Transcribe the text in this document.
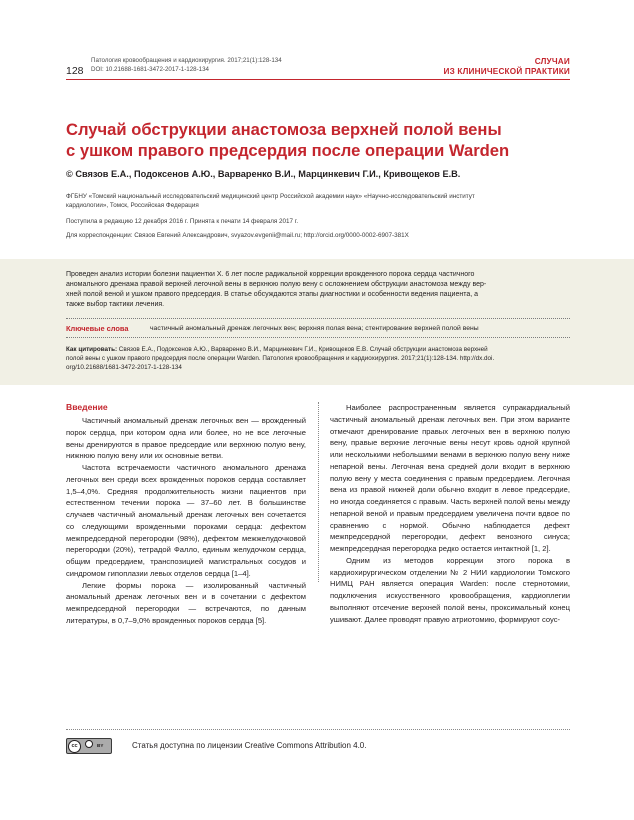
128
Патология кровообращения и кардиохирургия. 2017;21(1):128-134
DOI: 10.21688-1681-3472-2017-1-128-134
СЛУЧАИ
ИЗ КЛИНИЧЕСКОЙ ПРАКТИКИ
Случай обструкции анастомоза верхней полой вены
с ушком правого предсердия после операции Warden
© Связов Е.А., Подоксенов А.Ю., Варваренко В.И., Марцинкевич Г.И., Кривощеков Е.В.
ФГБНУ «Томский национальный исследовательский медицинский центр Российской академии наук» «Научно-исследовательский институт
кардиологии», Томск, Российская Федерация
Поступила в редакцию 12 декабря 2016 г. Принята к печати 14 февраля 2017 г.
Для корреспонденции: Связов Евгений Александрович, svyazov.evgenii@mail.ru; http://orcid.org/0000-0002-6907-381X
Проведен анализ истории болезни пациентки Х. 6 лет после радикальной коррекции врожденного порока сердца частичного
аномального дренажа правой верхней легочной вены в верхнюю полую вену с осложнением обструкции анастомоза между вер-
хней полой веной и ушком правого предсердия. В статье обсуждаются этапы диагностики и особенности ведения пациента, а
также выбор тактики лечения.
Ключевые слова	частичный аномальный дренаж легочных вен; верхняя полая вена; стентирование верхней полой вены
Как цитировать: Связов Е.А., Подоксенов А.Ю., Варваренко В.И., Марцинкевич Г.И., Кривощеков Е.В. Случай обструкции анастомоза верхней
полой вены с ушком правого предсердия после операции Warden. Патология кровообращения и кардиохирургия. 2017;21(1):128-134. http://dx.doi.
org/10.21688/1681-3472-2017-1-128-134
Введение

Частичный аномальный дренаж легочных вен — врожденный порок сердца, при котором одна или более, но не все легочные вены дренируются в правое предсердие или верхнюю полую вену, нижнюю полую вену или их основные ветви.

Частота встречаемости частичного аномального дренажа легочных вен среди всех врожденных пороков сердца составляет 1,5–4,0%. Средняя продолжительность жизни пациентов при естественном течении порока — 37–60 лет. В большинстве случаев частичный аномальный дренаж легочных вен сочетается со следующими врожденными пороками сердца: дефектом межпредсердной перегородки (98%), дефектом межжелудочковой перегородки (20%), тетрадой Фалло, единым желудочком сердца, общим предсердием, транспозицией магистральных сосудов и синдромом гипоплазии левых отделов сердца [1–4].

Легкие формы порока — изолированный частичный аномальный дренаж легочных вен и в сочетании с дефектом межпредсердной перегородки — встречаются, по данным литературы, в 0,7–9,0% врожденных пороков сердца [5].

Наиболее распространенным является супракардиальный частичный аномальный дренаж легочных вен. При этом варианте отмечают дренирование правых легочных вен в верхнюю полую вену, правые верхние легочные вены несут кровь одной крупной или несколькими небольшими венами в верхнюю полую вену ниже непарной вены. Легочная вена средней доли входит в верхнюю полую вену у места соединения с правым предсердием. Легочная вена из правой нижней доли обычно входит в левое предсердие, но иногда соединяется с правым. Часть верхней полой вены между непарной веной и правым предсердием увеличена почти вдвое по сравнению с нормой. Обычно наблюдается дефект межпредсердной перегородки, дефект венозного синуса; межпредсердная перегородка редко остается интактной [1, 2].

Одним из методов коррекции этого порока в кардиохирургическом отделении № 2 НИИ кардиологии Томского НИМЦ РАН является операция Warden: после стернотомии, подключения искусственного кровообращения, кардиоплегии выполняют отсечение верхней полой вены, проксимальный конец ушивают. Далее проводят правую атриотомию, формируют соус-

cc	BY	Статья доступна по лицензии Creative Commons Attribution 4.0.
